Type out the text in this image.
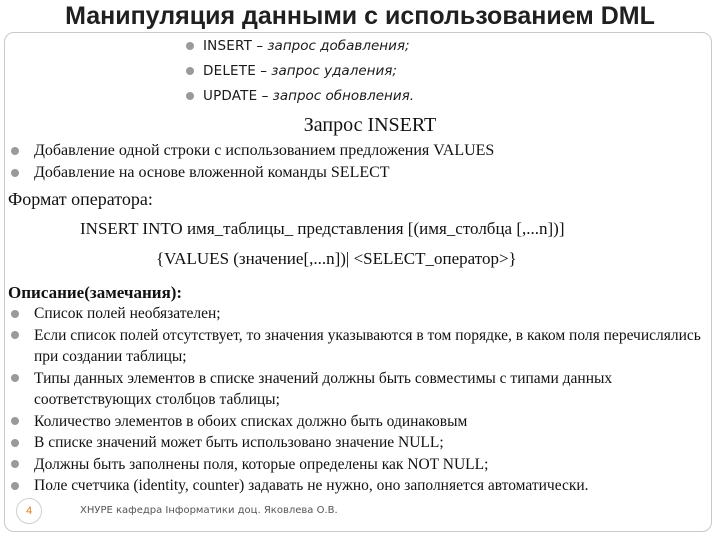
Манипуляция данными с использованием DML
INSERT – запрос добавления;
DELETE – запрос удаления;
UPDATE – запрос обновления.
Запрос INSERT
Добавление одной строки с использованием предложения VALUES
Добавление на основе вложенной команды SELECT
Формат оператора:
INSERT INTO имя_таблицы_ представления [(имя_столбца [,...n])]
{VALUES (значение[,...n])| <SELECT_оператор>}
Описание(замечания):
Список полей необязателен;
Если список полей отсутствует, то значения указываются в том порядке, в каком поля перечислялись при создании таблицы;
Типы данных элементов в списке значений должны быть совместимы с типами данных соответствующих столбцов таблицы;
Количество элементов в обоих списках должно быть одинаковым
В списке значений может быть использовано значение NULL;
Должны быть заполнены поля, которые определены как NOT NULL;
Поле счетчика (identity, counter) задавать не нужно, оно заполняется автоматически.
4	ХНУРЕ кафедра Інформатики доц. Яковлева О.В.
